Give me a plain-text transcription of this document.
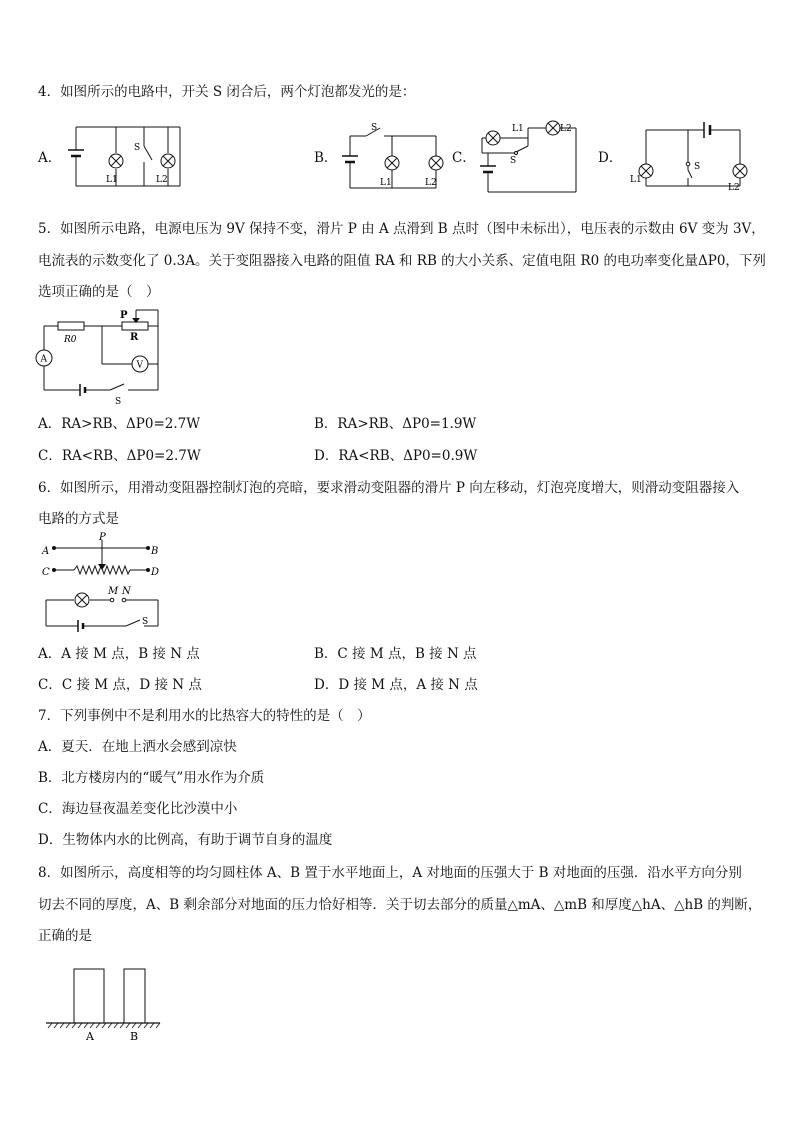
4．如图所示的电路中，开关 S 闭合后，两个灯泡都发光的是：
A．	B．	C．	D．
S
L1	L2
S
L1	L2
S
L1	L2
S
L1
L2
5．如图所示电路，电源电压为 9V 保持不变，滑片 P 由 A 点滑到 B 点时（图中未标出），电压表的示数由 6V 变为 3V，
电流表的示数变化了 0.3A。关于变阻器接入电路的阻值 RA 和 RB 的大小关系、定值电阻 R0 的电功率变化量ΔP0，下列
选项正确的是（　）
A
V
R0
P
R
S
A．RA>RB、ΔP0=2.7W	B．RA>RB、ΔP0=1.9W
C．RA<RB、ΔP0=2.7W	D．RA<RB、ΔP0=0.9W
6．如图所示，用滑动变阻器控制灯泡的亮暗，要求滑动变阻器的滑片 P 向左移动，灯泡亮度增大，则滑动变阻器接入
电路的方式是
A	B
C	D
P
M N
S
A．A 接 M 点，B 接 N 点	B．C 接 M 点，B 接 N 点
C．C 接 M 点，D 接 N 点	D．D 接 M 点，A 接 N 点
7．下列事例中不是利用水的比热容大的特性的是（　）
A．夏天．在地上洒水会感到凉快
B．北方楼房内的“暖气”用水作为介质
C．海边昼夜温差变化比沙漠中小
D．生物体内水的比例高，有助于调节自身的温度
8．如图所示，高度相等的均匀圆柱体 A、B 置于水平地面上，A 对地面的压强大于 B 对地面的压强．沿水平方向分别
切去不同的厚度，A、B 剩余部分对地面的压力恰好相等．关于切去部分的质量△mA、△mB 和厚度△hA、△hB 的判断，
正确的是
A	B
